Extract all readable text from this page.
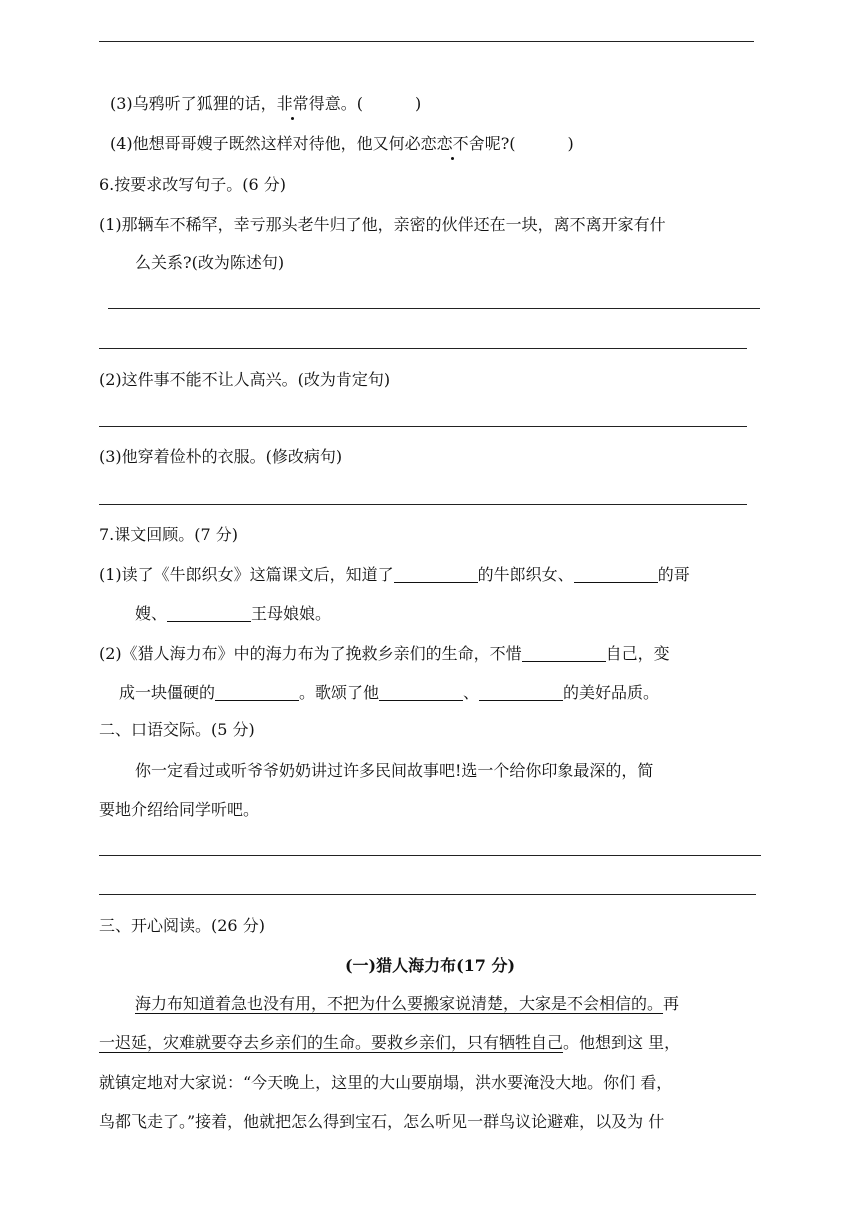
(3)乌鸦听了狐狸的话，非常得意。(	)
(4)他想哥哥嫂子既然这样对待他，他又何必恋恋不舍呢?(	)
6.按要求改写句子。(6 分)
(1)那辆车不稀罕，幸亏那头老牛归了他，亲密的伙伴还在一块，离不离开家有什
么关系?(改为陈述句)
(2)这件事不能不让人高兴。(改为肯定句)
(3)他穿着俭朴的衣服。(修改病句)
7.课文回顾。(7 分)
(1)读了《牛郎织女》这篇课文后，知道了	的牛郎织女、	的哥
嫂、	王母娘娘。
(2)《猎人海力布》中的海力布为了挽救乡亲们的生命，不惜	自己，变
成一块僵硬的	。歌颂了他	、	的美好品质。
二、口语交际。(5 分)
你一定看过或听爷爷奶奶讲过许多民间故事吧!选一个给你印象最深的，简
要地介绍给同学听吧。
三、开心阅读。(26 分)
(一)猎人海力布(17 分)
海力布知道着急也没有用，不把为什么要搬家说清楚，大家是不会相信的。再
一迟延，灾难就要夺去乡亲们的生命。要救乡亲们，只有牺牲自己。他想到这 里，
就镇定地对大家说：“今天晚上，这里的大山要崩塌，洪水要淹没大地。你们 看，
鸟都飞走了。”接着，他就把怎么得到宝石，怎么听见一群鸟议论避难，以及为 什
